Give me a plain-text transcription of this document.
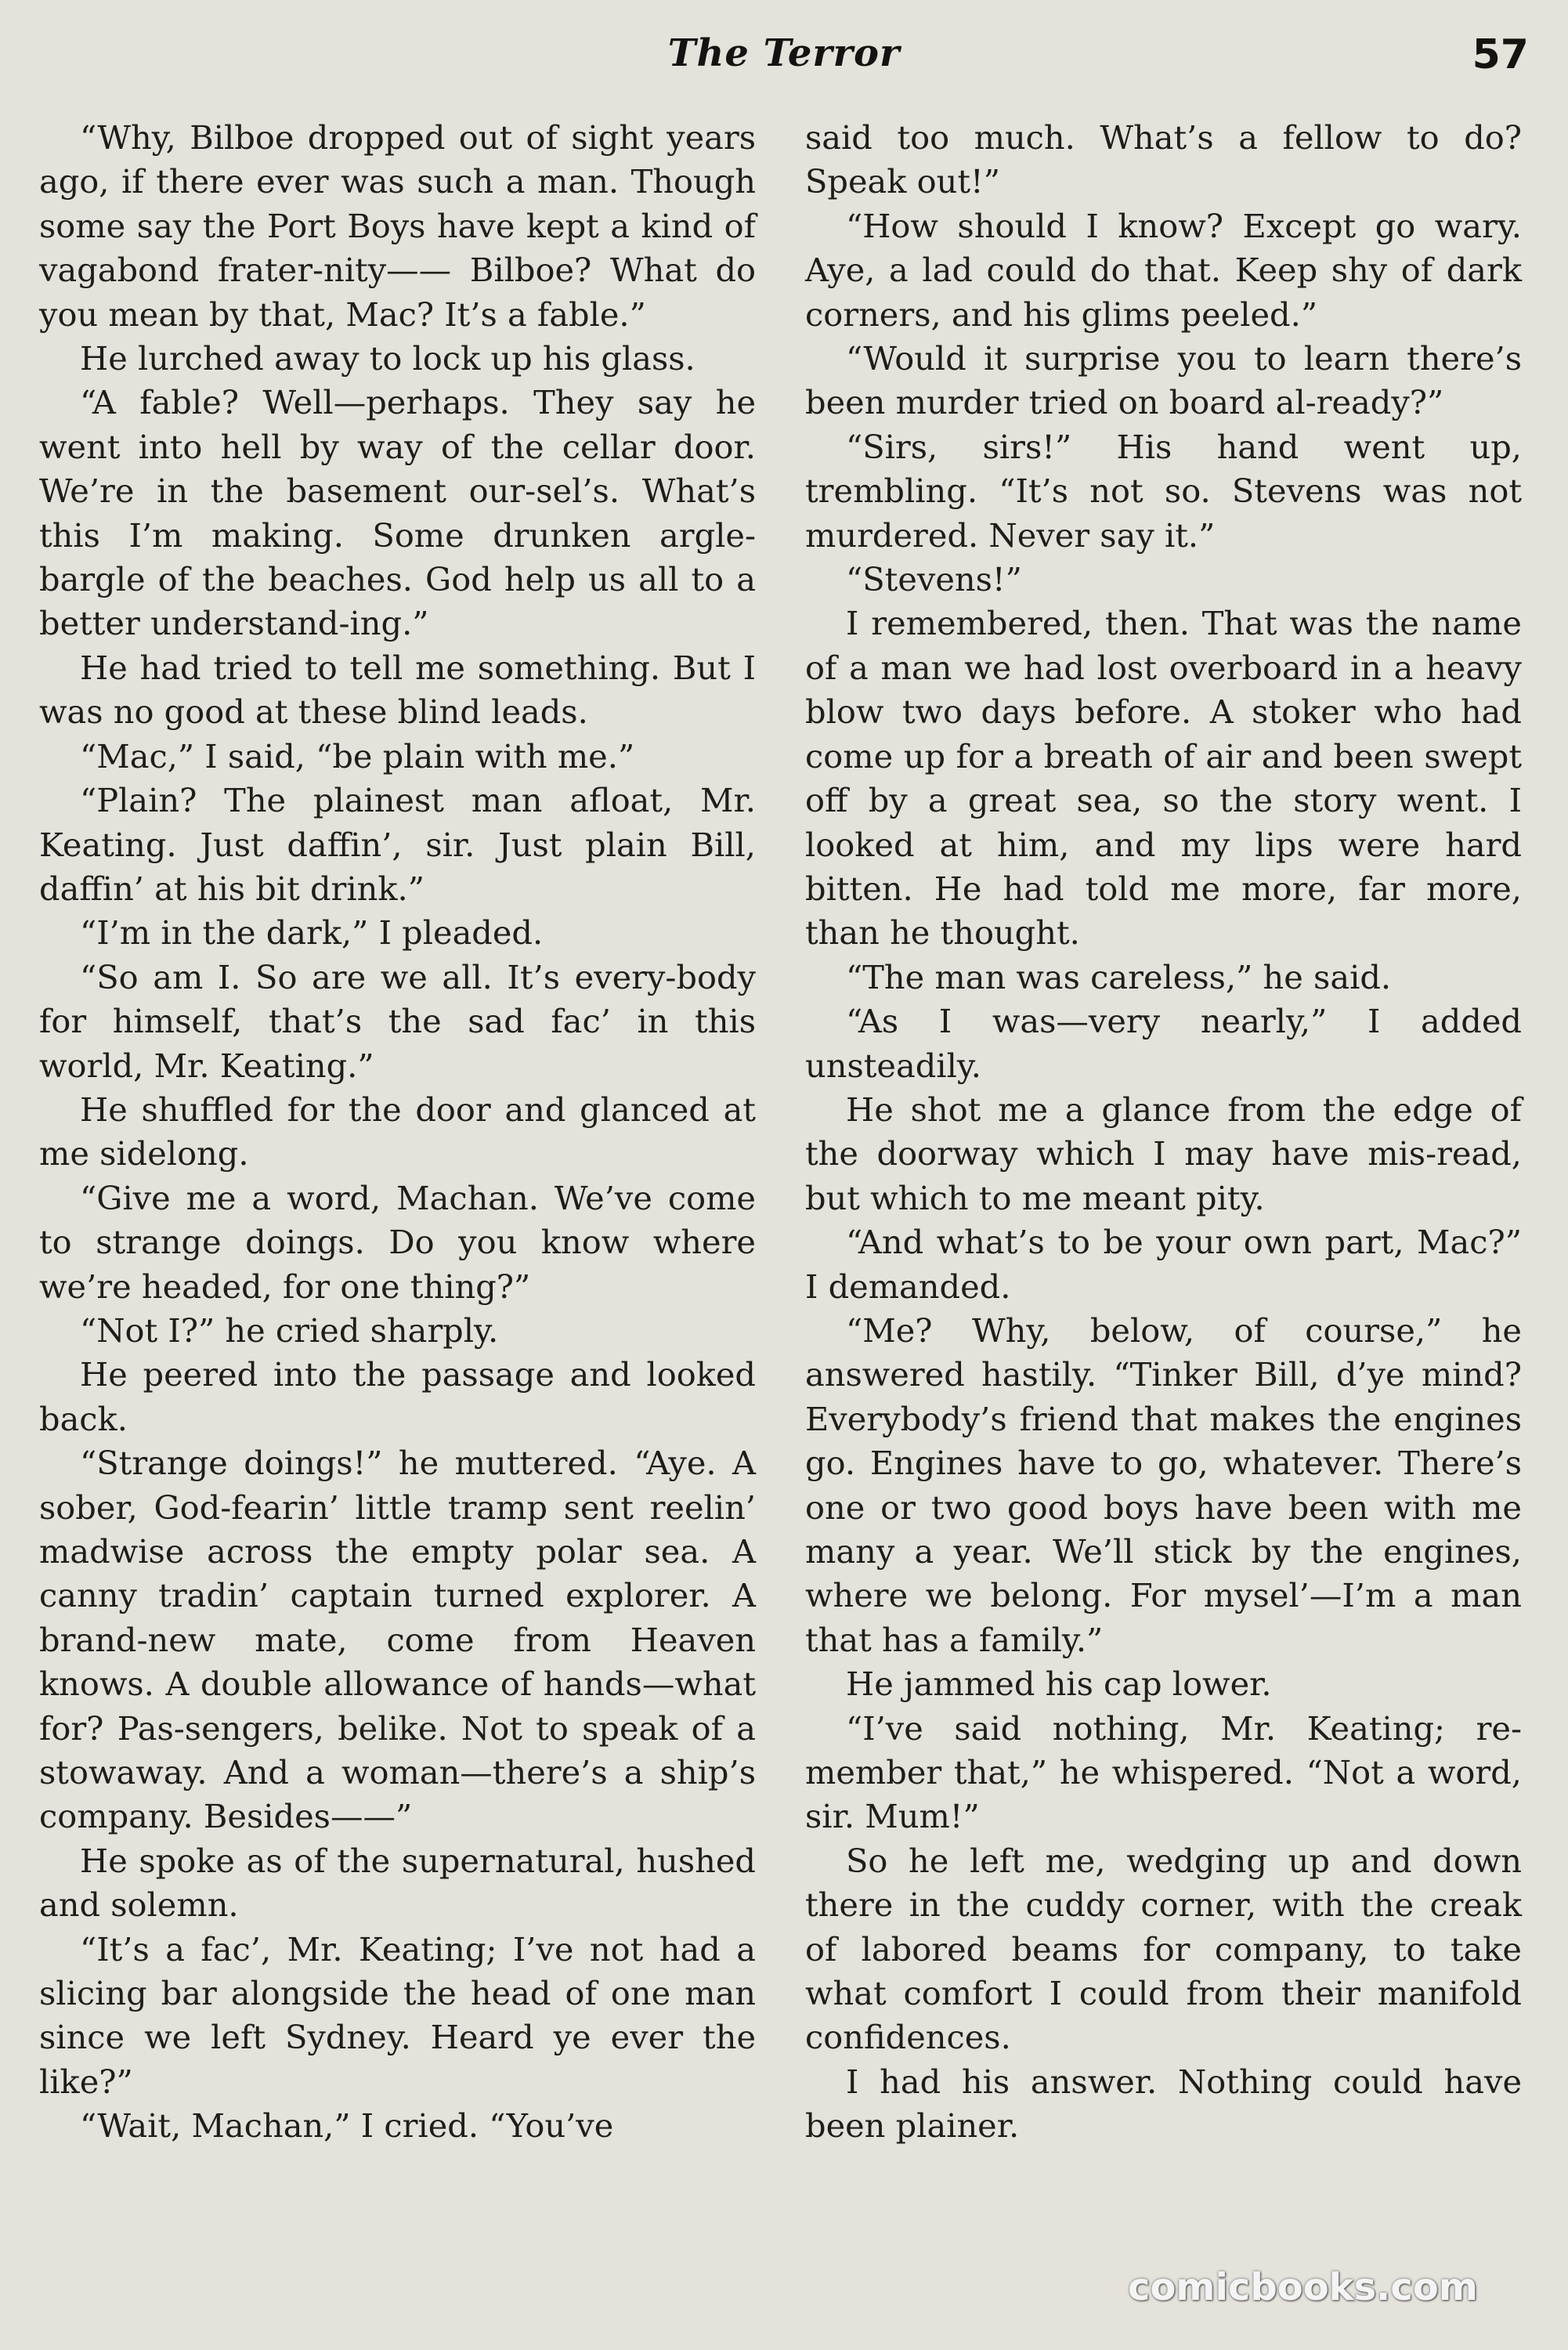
The Terror	57

“Why, Bilboe dropped out of sight years ago, if there ever was such a man. Though some say the Port Boys have kept a kind of vagabond frater-nity—— Bilboe? What do you mean by that, Mac? It’s a fable.”

He lurched away to lock up his glass.

“A fable? Well—perhaps. They say he went into hell by way of the cellar door. We’re in the basement our-sel’s. What’s this I’m making. Some drunken argle-bargle of the beaches. God help us all to a better understand-ing.”

He had tried to tell me something. But I was no good at these blind leads.

“Mac,” I said, “be plain with me.”

“Plain? The plainest man afloat, Mr. Keating. Just daffin’, sir. Just plain Bill, daffin’ at his bit drink.”

“I’m in the dark,” I pleaded.

“So am I. So are we all. It’s every-body for himself, that’s the sad fac’ in this world, Mr. Keating.”

He shuffled for the door and glanced at me sidelong.

“Give me a word, Machan. We’ve come to strange doings. Do you know where we’re headed, for one thing?”

“Not I?” he cried sharply.

He peered into the passage and looked back.

“Strange doings!” he muttered. “Aye. A sober, God-fearin’ little tramp sent reelin’ madwise across the empty polar sea. A canny tradin’ captain turned explorer. A brand-new mate, come from Heaven knows. A double allowance of hands—what for? Pas-sengers, belike. Not to speak of a stowaway. And a woman—there’s a ship’s company. Besides——”

He spoke as of the supernatural, hushed and solemn.

“It’s a fac’, Mr. Keating; I’ve not had a slicing bar alongside the head of one man since we left Sydney. Heard ye ever the like?”

“Wait, Machan,” I cried. “You’ve

said too much. What’s a fellow to do? Speak out!”

“How should I know? Except go wary. Aye, a lad could do that. Keep shy of dark corners, and his glims peeled.”

“Would it surprise you to learn there’s been murder tried on board al-ready?”

“Sirs, sirs!” His hand went up, trembling. “It’s not so. Stevens was not murdered. Never say it.”

“Stevens!”

I remembered, then. That was the name of a man we had lost overboard in a heavy blow two days before. A stoker who had come up for a breath of air and been swept off by a great sea, so the story went. I looked at him, and my lips were hard bitten. He had told me more, far more, than he thought.

“The man was careless,” he said.

“As I was—very nearly,” I added unsteadily.

He shot me a glance from the edge of the doorway which I may have mis-read, but which to me meant pity.

“And what’s to be your own part, Mac?” I demanded.

“Me? Why, below, of course,” he answered hastily. “Tinker Bill, d’ye mind? Everybody’s friend that makes the engines go. Engines have to go, whatever. There’s one or two good boys have been with me many a year. We’ll stick by the engines, where we belong. For mysel’—I’m a man that has a family.”

He jammed his cap lower.

“I’ve said nothing, Mr. Keating; re-member that,” he whispered. “Not a word, sir. Mum!”

So he left me, wedging up and down there in the cuddy corner, with the creak of labored beams for company, to take what comfort I could from their manifold confidences.

I had his answer. Nothing could have been plainer.

comicbooks.com
